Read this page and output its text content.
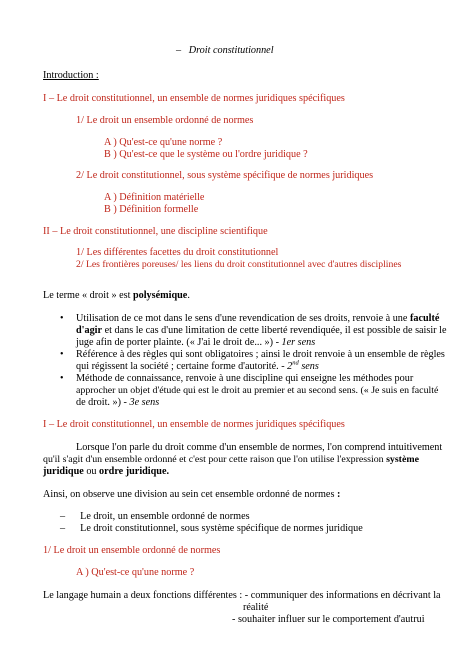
– Droit constitutionnel
Introduction :
I – Le droit constitutionnel, un ensemble de normes juridiques spécifiques
1/ Le droit un ensemble ordonné de normes
A ) Qu'est-ce qu'une norme ?
B ) Qu'est-ce que le système ou l'ordre juridique ?
2/ Le droit constitutionnel, sous système spécifique de normes juridiques
A ) Définition matérielle
B ) Définition formelle
II – Le droit constitutionnel, une discipline scientifique
1/ Les différentes facettes du droit constitutionnel
2/ Les frontières poreuses/ les liens du droit constitutionnel avec d'autres disciplines
Le terme « droit » est polysémique.
• Utilisation de ce mot dans le sens d'une revendication de ses droits, renvoie à une faculté
d'agir et dans le cas d'une limitation de cette liberté revendiquée, il est possible de saisir le
juge afin de porter plainte. (« J'ai le droit de... ») - 1er sens
• Référence à des règles qui sont obligatoires ; ainsi le droit renvoie à un ensemble de règles
qui régissent la société ; certaine forme d'autorité. - 2nd sens
• Méthode de connaissance, renvoie à une discipline qui enseigne les méthodes pour
approcher un objet d'étude qui est le droit au premier et au second sens. (« Je suis en faculté
de droit. ») - 3e sens
I – Le droit constitutionnel, un ensemble de normes juridiques spécifiques
Lorsque l'on parle du droit comme d'un ensemble de normes, l'on comprend intuitivement
qu'il s'agit d'un ensemble ordonné et c'est pour cette raison que l'on utilise l'expression système
juridique ou ordre juridique.
Ainsi, on observe une division au sein cet ensemble ordonné de normes :
– Le droit, un ensemble ordonné de normes
– Le droit constitutionnel, sous système spécifique de normes juridique
1/ Le droit un ensemble ordonné de normes
A ) Qu'est-ce qu'une norme ?
Le langage humain a deux fonctions différentes : - communiquer des informations en décrivant la
réalité
- souhaiter influer sur le comportement d'autrui
